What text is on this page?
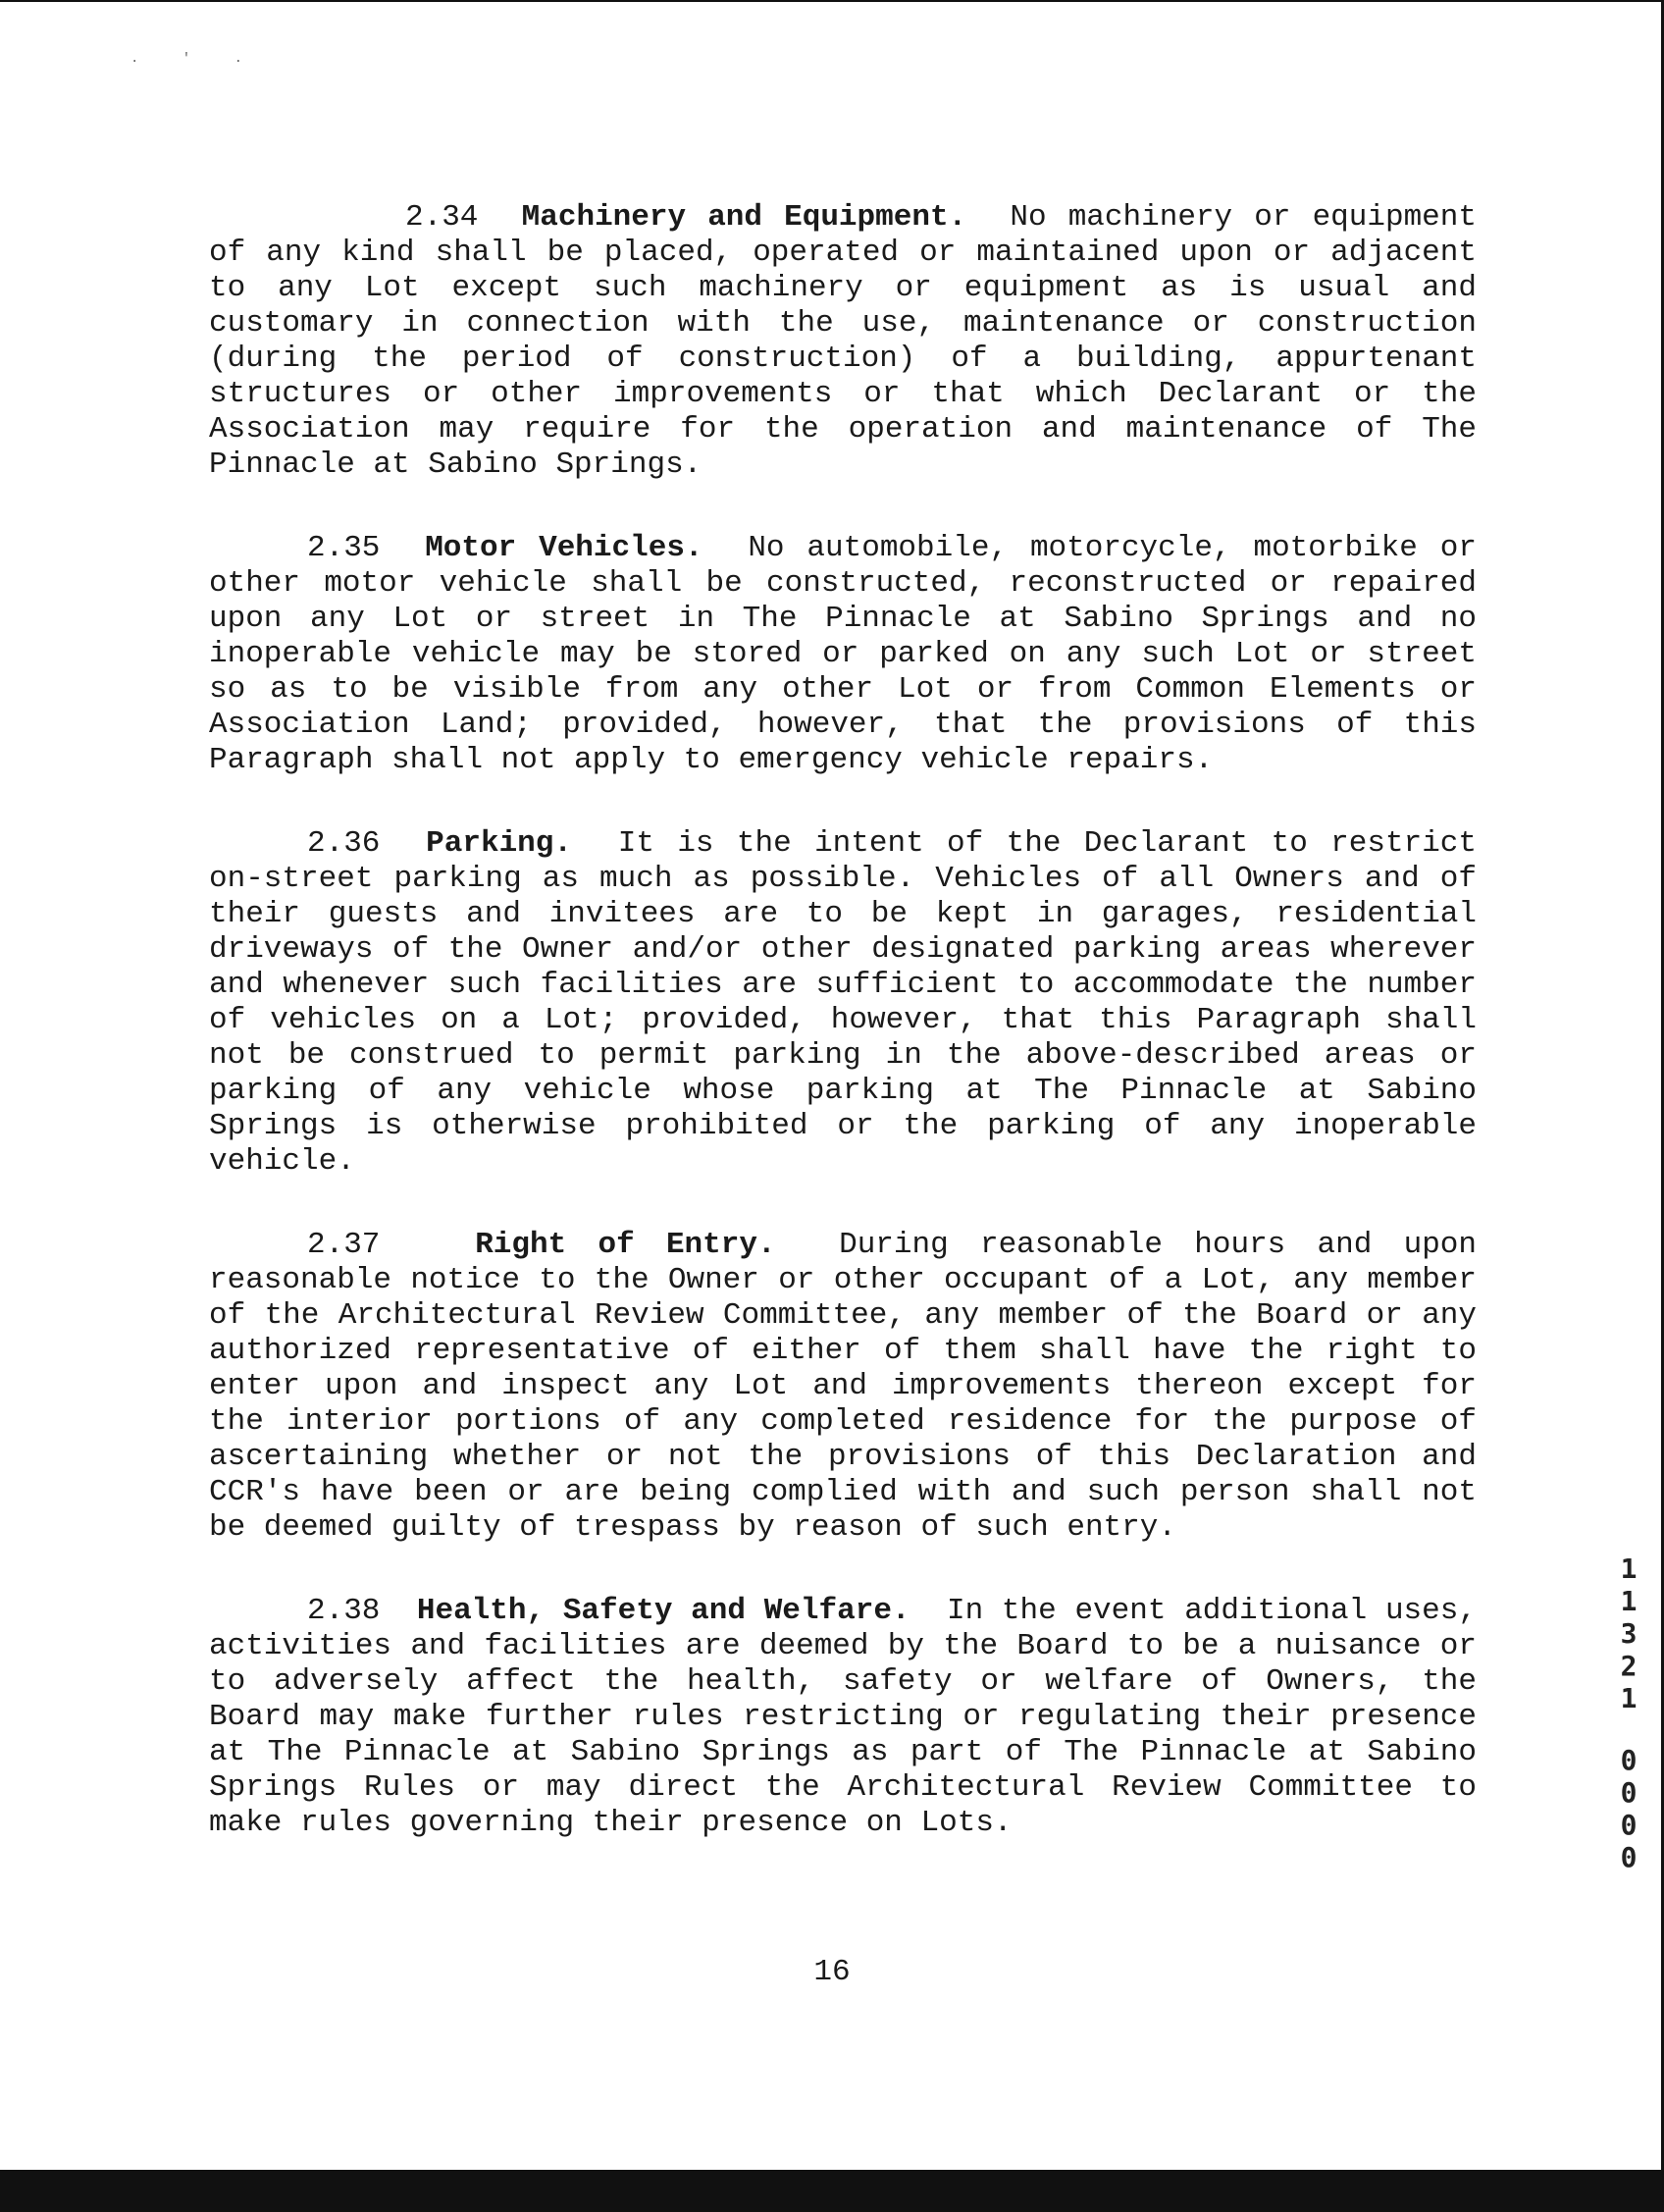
. ' .

2.34 Machinery and Equipment. No machinery or equipment of any kind shall be placed, operated or maintained upon or adjacent to any Lot except such machinery or equipment as is usual and customary in connection with the use, maintenance or construction (during the period of construction) of a building, appurtenant structures or other improvements or that which Declarant or the Association may require for the operation and maintenance of The Pinnacle at Sabino Springs.

2.35 Motor Vehicles. No automobile, motorcycle, motorbike or other motor vehicle shall be constructed, reconstructed or repaired upon any Lot or street in The Pinnacle at Sabino Springs and no inoperable vehicle may be stored or parked on any such Lot or street so as to be visible from any other Lot or from Common Elements or Association Land; provided, however, that the provisions of this Paragraph shall not apply to emergency vehicle repairs.

2.36 Parking. It is the intent of the Declarant to restrict on-street parking as much as possible. Vehicles of all Owners and of their guests and invitees are to be kept in garages, residential driveways of the Owner and/or other designated parking areas wherever and whenever such facilities are sufficient to accommodate the number of vehicles on a Lot; provided, however, that this Paragraph shall not be construed to permit parking in the above-described areas or parking of any vehicle whose parking at The Pinnacle at Sabino Springs is otherwise prohibited or the parking of any inoperable vehicle.

2.37	Right of Entry. During reasonable hours and upon reasonable notice to the Owner or other occupant of a Lot, any member of the Architectural Review Committee, any member of the Board or any authorized representative of either of them shall have the right to enter upon and inspect any Lot and improvements thereon except for the interior portions of any completed residence for the purpose of ascertaining whether or not the provisions of this Declaration and CCR's have been or are being complied with and such person shall not be deemed guilty of trespass by reason of such entry.

2.38 Health, Safety and Welfare. In the event additional uses, activities and facilities are deemed by the Board to be a nuisance or to adversely affect the health, safety or welfare of Owners, the Board may make further rules restricting or regulating their presence at The Pinnacle at Sabino Springs as part of The Pinnacle at Sabino Springs Rules or may direct the Architectural Review Committee to make rules governing their presence on Lots.

16
1
1
3
2
1
0
0
0
0
